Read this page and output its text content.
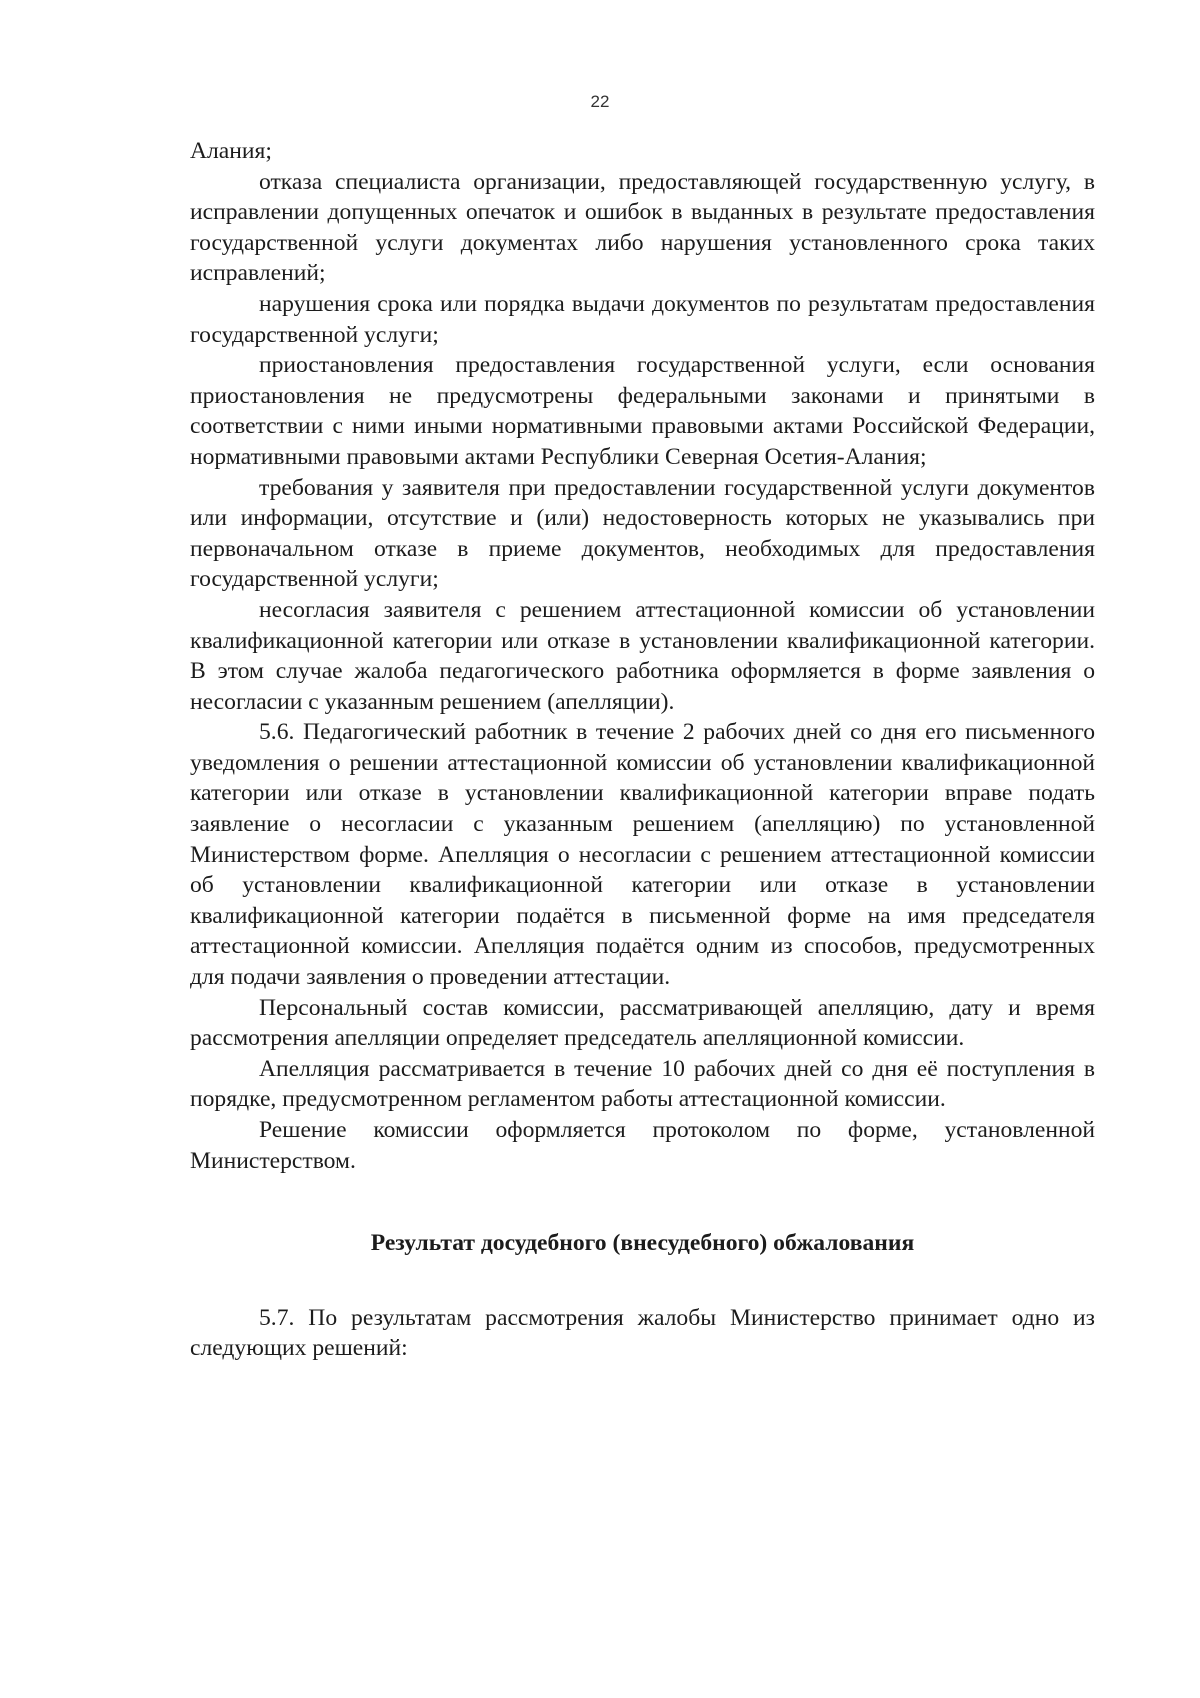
22

Алания;

отказа специалиста организации, предоставляющей государственную услугу, в исправлении допущенных опечаток и ошибок в выданных в результате предоставления государственной услуги документах либо нарушения установленного срока таких исправлений;

нарушения срока или порядка выдачи документов по результатам предоставления государственной услуги;

приостановления предоставления государственной услуги, если основания приостановления не предусмотрены федеральными законами и принятыми в соответствии с ними иными нормативными правовыми актами Российской Федерации, нормативными правовыми актами Республики Северная Осетия-Алания;

требования у заявителя при предоставлении государственной услуги документов или информации, отсутствие и (или) недостоверность которых не указывались при первоначальном отказе в приеме документов, необходимых для предоставления государственной услуги;

несогласия заявителя с решением аттестационной комиссии об установлении квалификационной категории или отказе в установлении квалификационной категории. В этом случае жалоба педагогического работника оформляется в форме заявления о несогласии с указанным решением (апелляции).

5.6. Педагогический работник в течение 2 рабочих дней со дня его письменного уведомления о решении аттестационной комиссии об установлении квалификационной категории или отказе в установлении квалификационной категории вправе подать заявление о несогласии с указанным решением (апелляцию) по установленной Министерством форме. Апелляция о несогласии с решением аттестационной комиссии об установлении квалификационной категории или отказе в установлении квалификационной категории подаётся в письменной форме на имя председателя аттестационной комиссии. Апелляция подаётся одним из способов, предусмотренных для подачи заявления о проведении аттестации.

Персональный состав комиссии, рассматривающей апелляцию, дату и время рассмотрения апелляции определяет председатель апелляционной комиссии.

Апелляция рассматривается в течение 10 рабочих дней со дня её поступления в порядке, предусмотренном регламентом работы аттестационной комиссии.

Решение комиссии оформляется протоколом по форме, установленной Министерством.

Результат досудебного (внесудебного) обжалования

5.7. По результатам рассмотрения жалобы Министерство принимает одно из следующих решений:
